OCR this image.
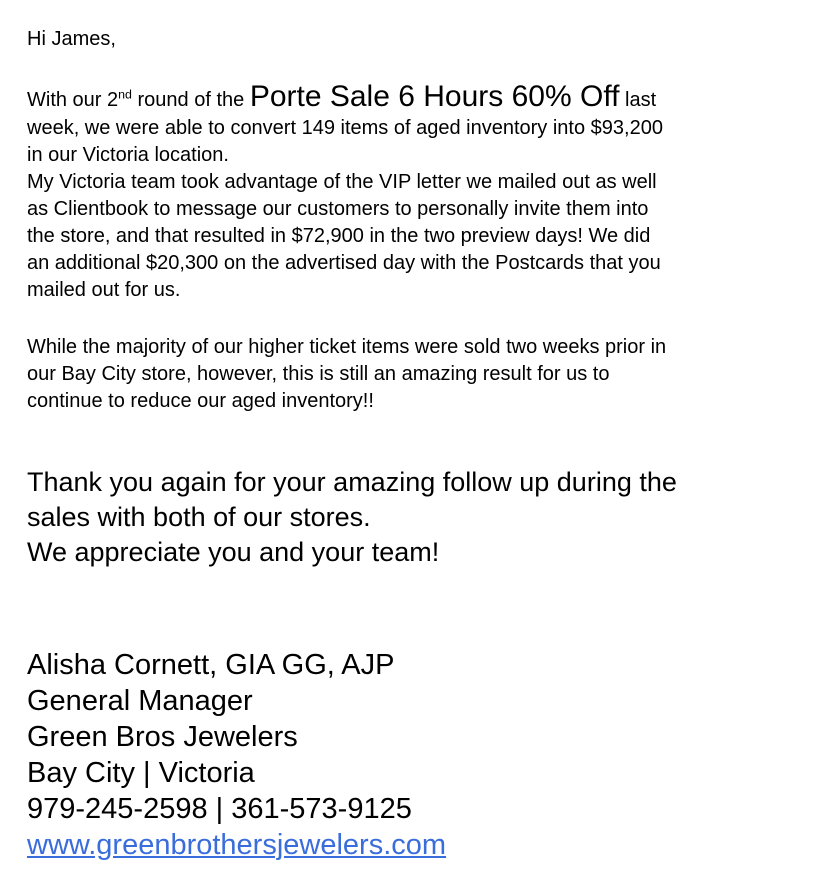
Hi James,
With our 2nd round of the Porte Sale 6 Hours 60% Off last
week, we were able to convert 149 items of aged inventory into $93,200
in our Victoria location.
My Victoria team took advantage of the VIP letter we mailed out as well
as Clientbook to message our customers to personally invite them into
the store, and that resulted in $72,900 in the two preview days! We did
an additional $20,300 on the advertised day with the Postcards that you
mailed out for us.
While the majority of our higher ticket items were sold two weeks prior in
our Bay City store, however, this is still an amazing result for us to
continue to reduce our aged inventory!!
Thank you again for your amazing follow up during the
sales with both of our stores.
We appreciate you and your team!
Alisha Cornett, GIA GG, AJP
General Manager
Green Bros Jewelers
Bay City | Victoria
979-245-2598 | 361-573-9125
www.greenbrothersjewelers.com
